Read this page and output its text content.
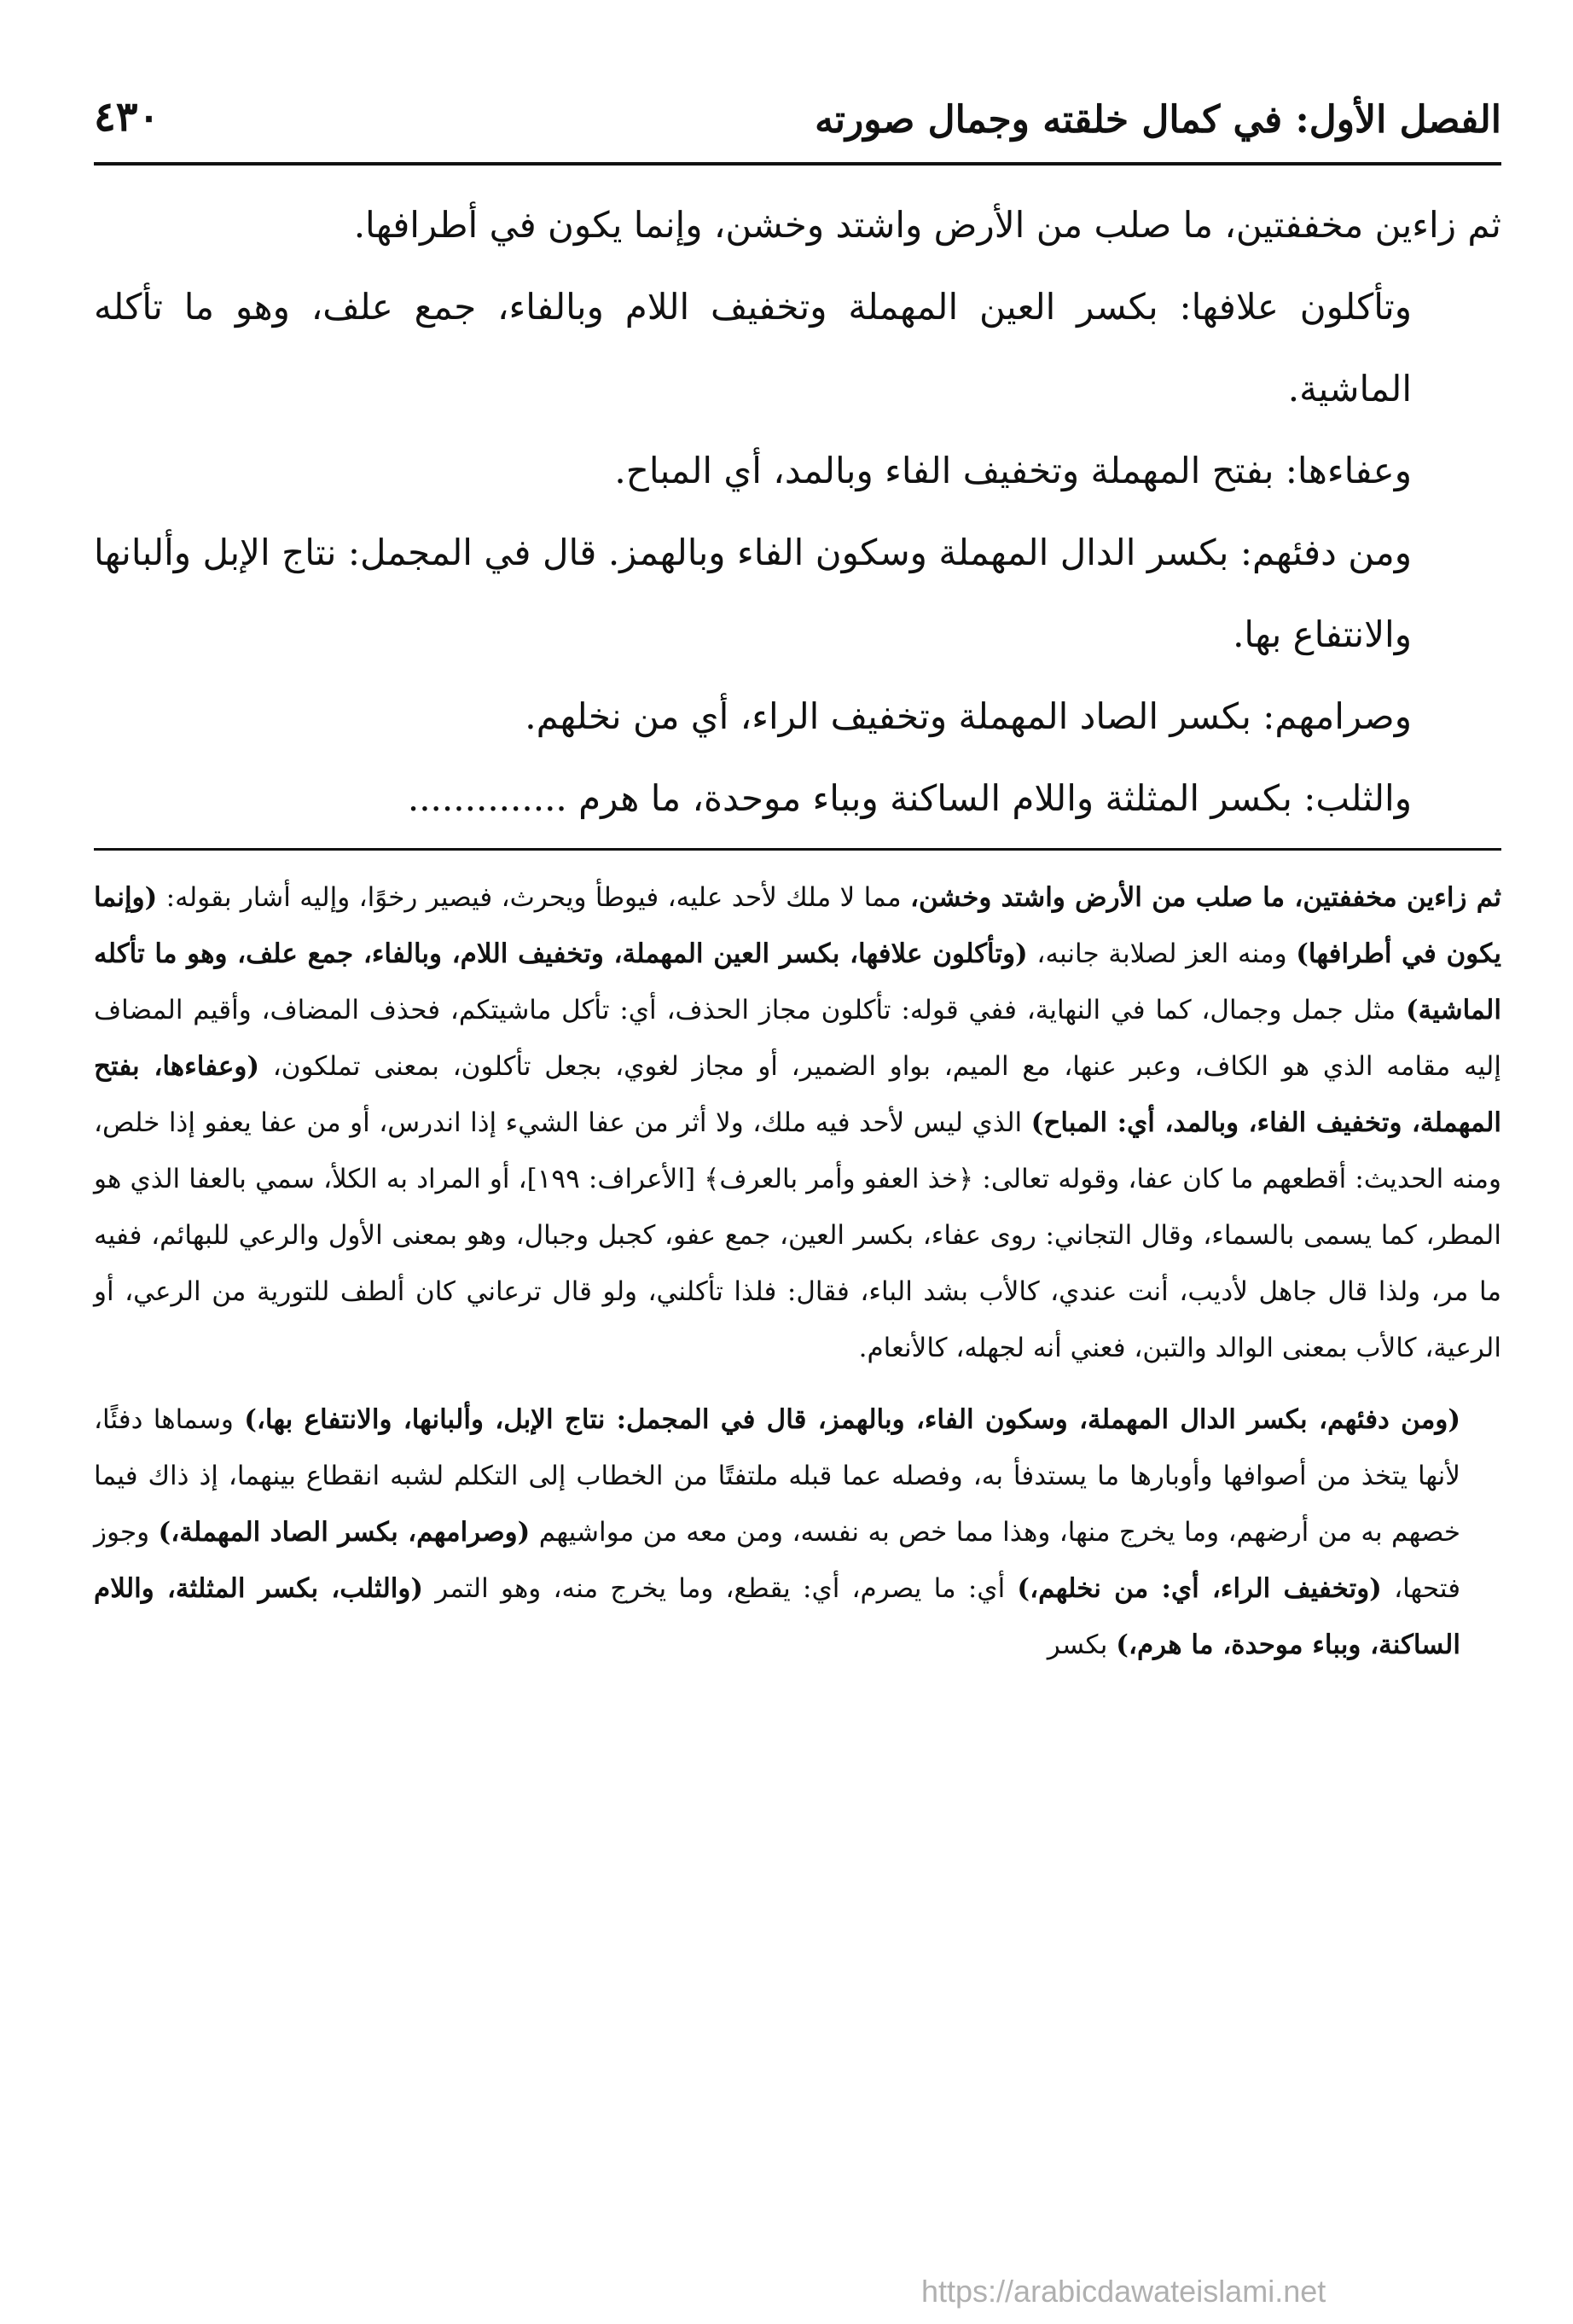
الفصل الأول: في كمال خلقته وجمال صورته
٤٣٠

ثم زاءين مخففتين، ما صلب من الأرض واشتد وخشن، وإنما يكون في أطرافها.

وتأكلون علافها: بكسر العين المهملة وتخفيف اللام وبالفاء، جمع علف، وهو ما تأكله الماشية.

وعفاءها: بفتح المهملة وتخفيف الفاء وبالمد، أي المباح.

ومن دفئهم: بكسر الدال المهملة وسكون الفاء وبالهمز. قال في المجمل: نتاج الإبل وألبانها والانتفاع بها.

وصرامهم: بكسر الصاد المهملة وتخفيف الراء، أي من نخلهم.

والثلب: بكسر المثلثة واللام الساكنة وبباء موحدة، ما هرم ..............

ثم زاءين مخففتين، ما صلب من الأرض واشتد وخشن، مما لا ملك لأحد عليه، فيوطأ ويحرث، فيصير رخوًا، وإليه أشار بقوله: (وإنما يكون في أطرافها) ومنه العز لصلابة جانبه، (وتأكلون علافها، بكسر العين المهملة، وتخفيف اللام، وبالفاء، جمع علف، وهو ما تأكله الماشية) مثل جمل وجمال، كما في النهاية، ففي قوله: تأكلون مجاز الحذف، أي: تأكل ماشيتكم، فحذف المضاف، وأقيم المضاف إليه مقامه الذي هو الكاف، وعبر عنها، مع الميم، بواو الضمير، أو مجاز لغوي، بجعل تأكلون، بمعنى تملكون، (وعفاءها، بفتح المهملة، وتخفيف الفاء، وبالمد، أي: المباح) الذي ليس لأحد فيه ملك، ولا أثر من عفا الشيء إذا اندرس، أو من عفا يعفو إذا خلص، ومنه الحديث: أقطعهم ما كان عفا، وقوله تعالى: ﴿خذ العفو وأمر بالعرف﴾ [الأعراف: ١٩٩]، أو المراد به الكلأ، سمي بالعفا الذي هو المطر، كما يسمى بالسماء، وقال التجاني: روى عفاء، بكسر العين، جمع عفو، كجبل وجبال، وهو بمعنى الأول والرعي للبهائم، ففيه ما مر، ولذا قال جاهل لأديب، أنت عندي، كالأب بشد الباء، فقال: فلذا تأكلني، ولو قال ترعاني كان ألطف للتورية من الرعي، أو الرعية، كالأب بمعنى الوالد والتبن، فعني أنه لجهله، كالأنعام.

(ومن دفئهم، بكسر الدال المهملة، وسكون الفاء، وبالهمز، قال في المجمل: نتاج الإبل، وألبانها، والانتفاع بها،) وسماها دفئًا، لأنها يتخذ من أصوافها وأوبارها ما يستدفأ به، وفصله عما قبله ملتفتًا من الخطاب إلى التكلم لشبه انقطاع بينهما، إذ ذاك فيما خصهم به من أرضهم، وما يخرج منها، وهذا مما خص به نفسه، ومن معه من مواشيهم (وصرامهم، بكسر الصاد المهملة،) وجوز فتحها، (وتخفيف الراء، أي: من نخلهم،) أي: ما يصرم، أي: يقطع، وما يخرج منه، وهو التمر (والثلب، بكسر المثلثة، واللام الساكنة، وبباء موحدة، ما هرم،) بكسر

https://arabicdawateislami.net
